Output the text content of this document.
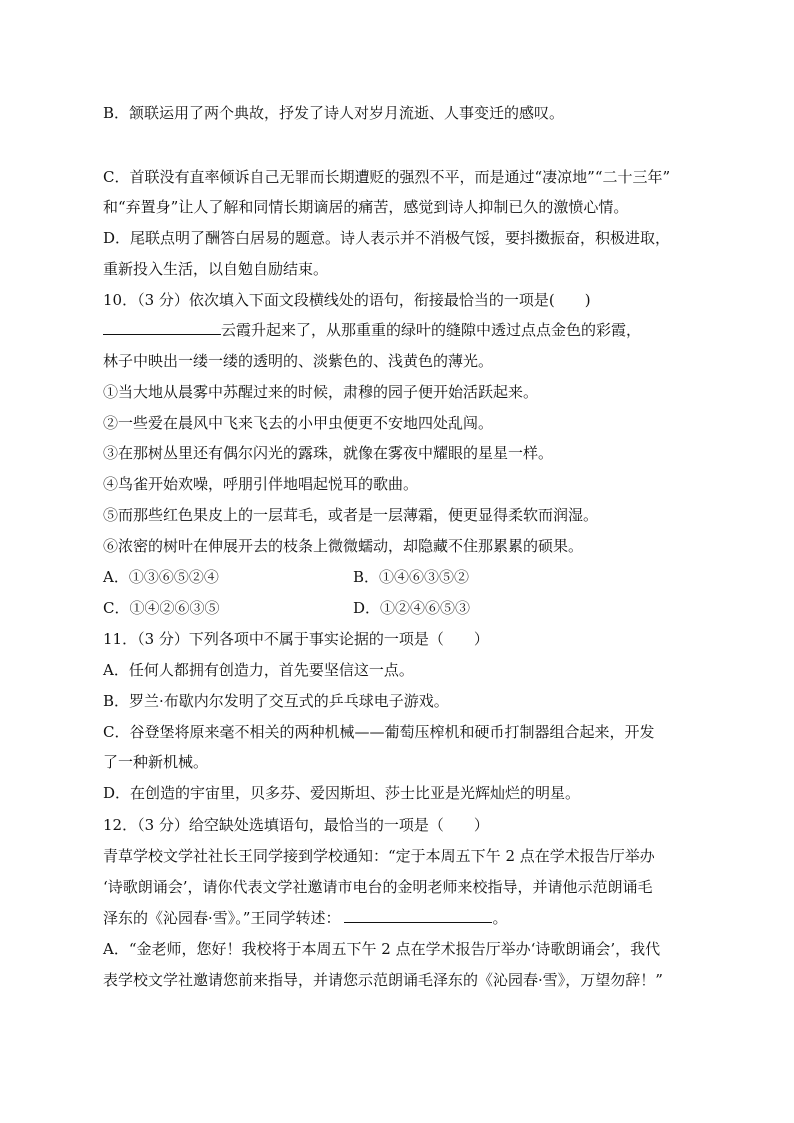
B．颔联运用了两个典故，抒发了诗人对岁月流逝、人事变迁的感叹。
C．首联没有直率倾诉自己无罪而长期遭贬的强烈不平，而是通过“凄凉地”“二十三年”
和“弃置身”让人了解和同情长期谪居的痛苦，感觉到诗人抑制已久的激愤心情。
D．尾联点明了酬答白居易的题意。诗人表示并不消极气馁，要抖擞振奋，积极进取，
重新投入生活，以自勉自励结束。
10．（3 分）依次填入下面文段横线处的语句，衔接最恰当的一项是(　　)
云霞升起来了，从那重重的绿叶的缝隙中透过点点金色的彩霞，
林子中映出一缕一缕的透明的、淡紫色的、浅黄色的薄光。
①当大地从晨雾中苏醒过来的时候，肃穆的园子便开始活跃起来。
②一些爱在晨风中飞来飞去的小甲虫便更不安地四处乱闯。
③在那树丛里还有偶尔闪光的露珠，就像在雾夜中耀眼的星星一样。
④鸟雀开始欢噪，呼朋引伴地唱起悦耳的歌曲。
⑤而那些红色果皮上的一层茸毛，或者是一层薄霜，便更显得柔软而润湿。
⑥浓密的树叶在伸展开去的枝条上微微蠕动，却隐藏不住那累累的硕果。
A．①③⑥⑤②④	B．①④⑥③⑤②
C．①④②⑥③⑤	D．①②④⑥⑤③
11．（3 分）下列各项中不属于事实论据的一项是（　　）
A．任何人都拥有创造力，首先要坚信这一点。
B．罗兰·布歇内尔发明了交互式的乒乓球电子游戏。
C．谷登堡将原来毫不相关的两种机械——葡萄压榨机和硬币打制器组合起来，开发
了一种新机械。
D．在创造的宇宙里，贝多芬、爱因斯坦、莎士比亚是光辉灿烂的明星。
12．（3 分）给空缺处选填语句，最恰当的一项是（　　）
青草学校文学社社长王同学接到学校通知：“定于本周五下午 2 点在学术报告厅举办
‘诗歌朗诵会’，请你代表文学社邀请市电台的金明老师来校指导，并请他示范朗诵毛
泽东的《沁园春·雪》。”王同学转述：	。
A．“金老师，您好！我校将于本周五下午 2 点在学术报告厅举办‘诗歌朗诵会’，我代
表学校文学社邀请您前来指导，并请您示范朗诵毛泽东的《沁园春·雪》，万望勿辞！”
